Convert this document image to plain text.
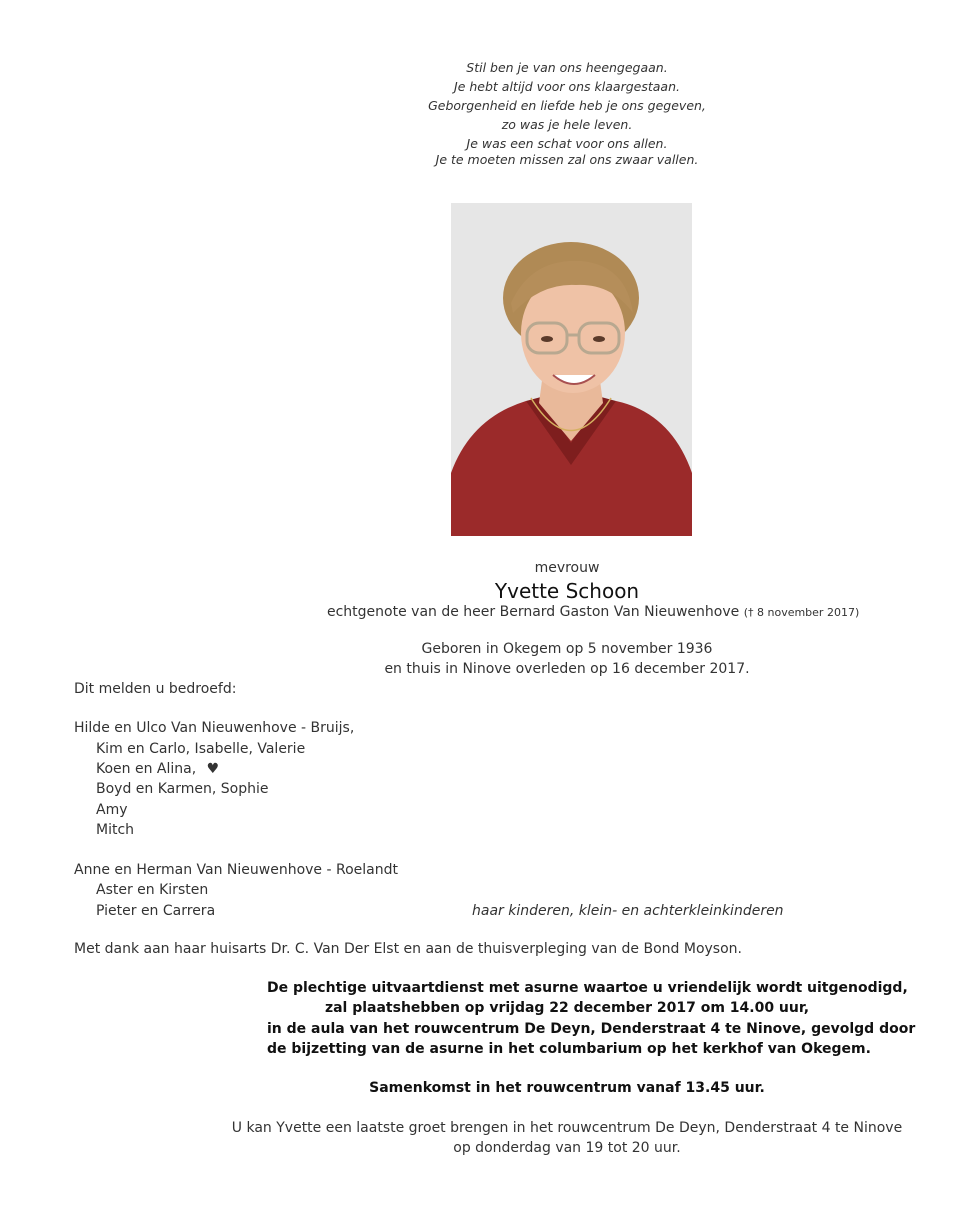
Stil ben je van ons heengegaan.
Je hebt altijd voor ons klaargestaan.
Geborgenheid en liefde heb je ons gegeven,
zo was je hele leven.
Je was een schat voor ons allen.
Je te moeten missen zal ons zwaar vallen.
mevrouw
Yvette Schoon
echtgenote van de heer Bernard Gaston Van Nieuwenhove († 8 november 2017)
Geboren in Okegem op 5 november 1936
en thuis in Ninove overleden op 16 december 2017.
Dit melden u bedroefd:
Hilde en Ulco Van Nieuwenhove - Bruijs,
Kim en Carlo, Isabelle, Valerie
Koen en Alina, ♥
Boyd en Karmen, Sophie
Amy
Mitch
Anne en Herman Van Nieuwenhove - Roelandt
Aster en Kirsten
Pieter en Carrera	haar kinderen, klein- en achterkleinkinderen
Met dank aan haar huisarts Dr. C. Van Der Elst en aan de thuisverpleging van de Bond Moyson.
De plechtige uitvaartdienst met asurne waartoe u vriendelijk wordt uitgenodigd,
zal plaatshebben op vrijdag 22 december 2017 om 14.00 uur,
in de aula van het rouwcentrum De Deyn, Denderstraat 4 te Ninove, gevolgd door
de bijzetting van de asurne in het columbarium op het kerkhof van Okegem.
Samenkomst in het rouwcentrum vanaf 13.45 uur.
U kan Yvette een laatste groet brengen in het rouwcentrum De Deyn, Denderstraat 4 te Ninove
op donderdag van 19 tot 20 uur.
